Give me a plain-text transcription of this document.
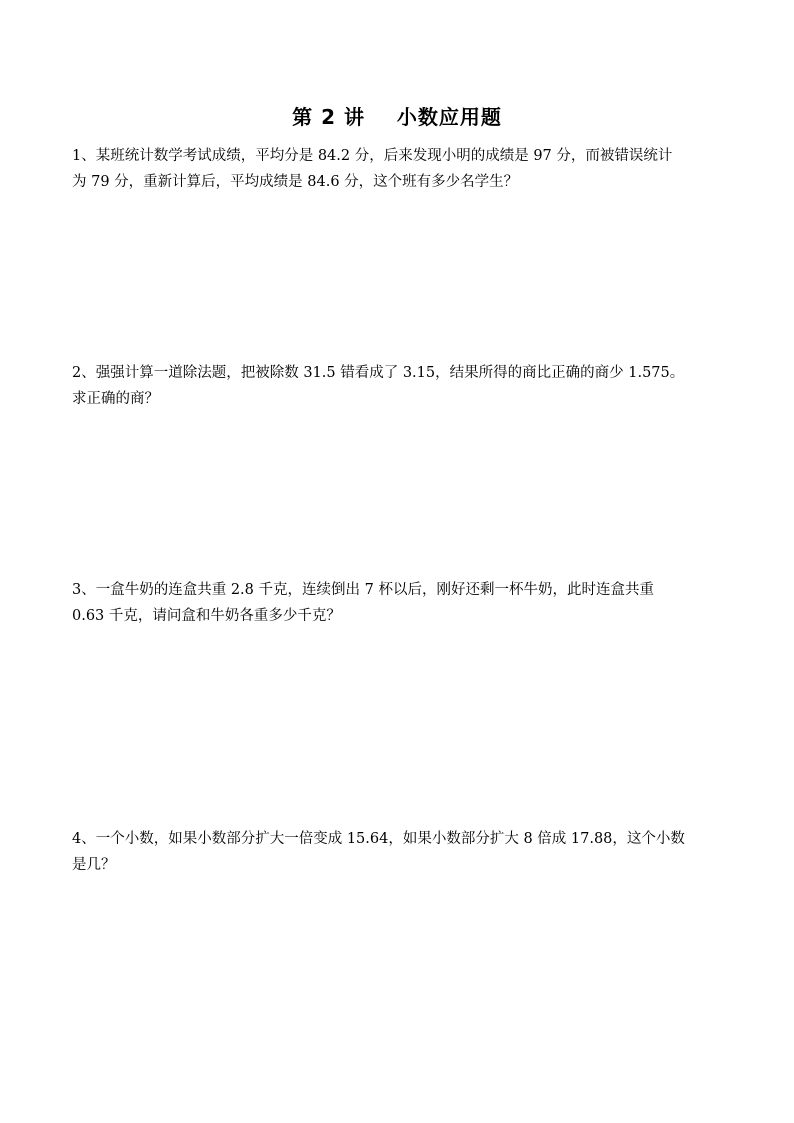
第 2 讲    小数应用题
1、某班统计数学考试成绩，平均分是 84.2 分，后来发现小明的成绩是 97 分，而被错误统计
为 79 分，重新计算后，平均成绩是 84.6 分，这个班有多少名学生？
2、强强计算一道除法题，把被除数 31.5 错看成了 3.15，结果所得的商比正确的商少 1.575。
求正确的商？
3、一盒牛奶的连盒共重 2.8 千克，连续倒出 7 杯以后，刚好还剩一杯牛奶，此时连盒共重
0.63 千克，请问盒和牛奶各重多少千克？
4、一个小数，如果小数部分扩大一倍变成 15.64，如果小数部分扩大 8 倍成 17.88，这个小数
是几？
